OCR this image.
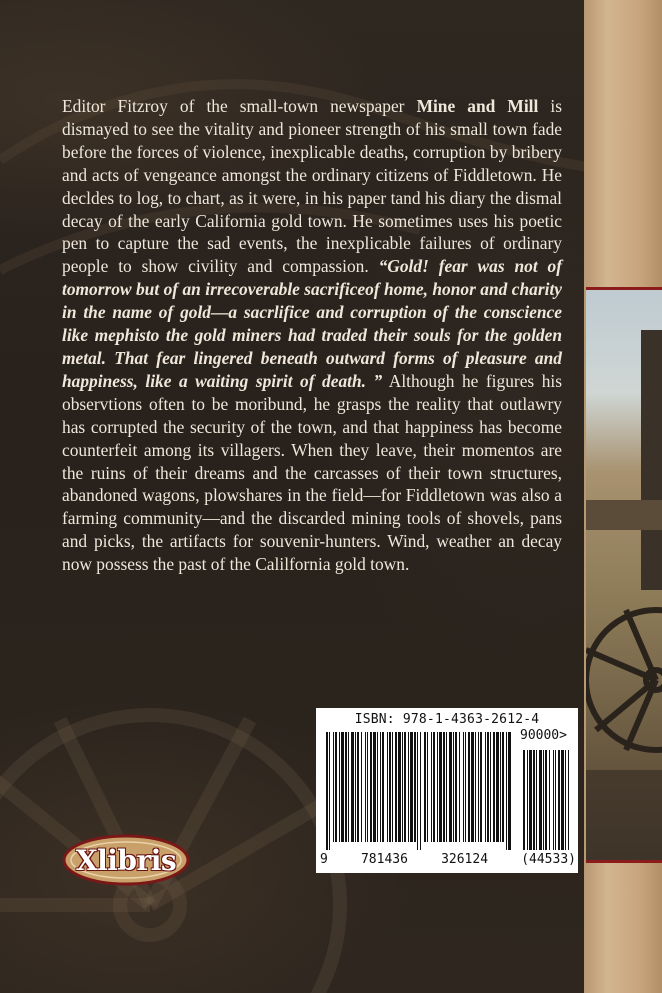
Editor Fitzroy of the small-town newspaper Mine and Mill is dismayed to see the vitality and pioneer strength of his small town fade before the forces of violence, inexplicable deaths, corruption by bribery and acts of vengeance amongst the ordinary citizens of Fiddletown. He decldes to log, to chart, as it were, in his paper tand his diary the dismal decay of the early California gold town. He sometimes uses his poetic pen to capture the sad events, the inexplicable failures of ordinary people to show civility and compassion. “Gold! fear was not of tomorrow but of an irrecoverable sacrificeof home, honor and charity in the name of gold—a sacrlifice and corruption of the conscience like mephisto the gold miners had traded their souls for the golden metal. That fear lingered beneath outward forms of pleasure and happiness, like a waiting spirit of death. ” Although he figures his observtions often to be moribund, he grasps the reality that outlawry has corrupted the security of the town, and that happiness has become counterfeit among its villagers. When they leave, their momentos are the ruins of their dreams and the carcasses of their town structures, abandoned wagons, plowshares in the field—for Fiddletown was also a farming community—and the discarded mining tools of shovels, pans and picks, the artifacts for souvenir-hunters. Wind, weather an decay now possess the past of the Calilfornia gold town.

ISBN: 978-1-4363-2612-4
90000>
9	781436	326124	(44533)
Xlibris
